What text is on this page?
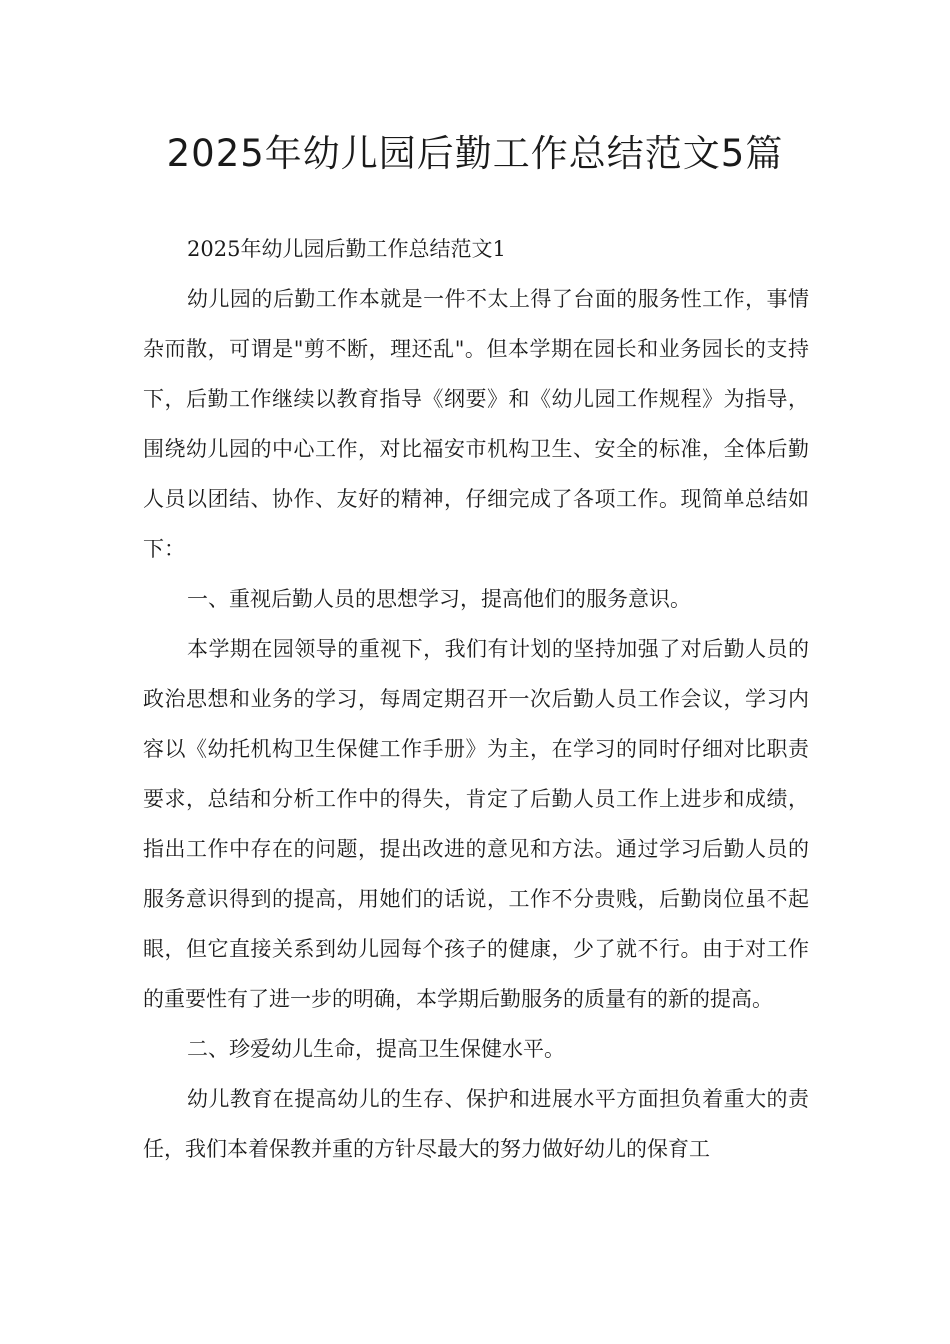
2025年幼儿园后勤工作总结范文5篇

2025年幼儿园后勤工作总结范文1

幼儿园的后勤工作本就是一件不太上得了台面的服务性工作，事情杂而散，可谓是"剪不断，理还乱"。但本学期在园长和业务园长的支持下，后勤工作继续以教育指导《纲要》和《幼儿园工作规程》为指导，围绕幼儿园的中心工作，对比福安市机构卫生、安全的标准，全体后勤人员以团结、协作、友好的精神，仔细完成了各项工作。现简单总结如下：

一、重视后勤人员的思想学习，提高他们的服务意识。

本学期在园领导的重视下，我们有计划的坚持加强了对后勤人员的政治思想和业务的学习，每周定期召开一次后勤人员工作会议，学习内容以《幼托机构卫生保健工作手册》为主，在学习的同时仔细对比职责要求，总结和分析工作中的得失，肯定了后勤人员工作上进步和成绩，指出工作中存在的问题，提出改进的意见和方法。通过学习后勤人员的服务意识得到的提高，用她们的话说，工作不分贵贱，后勤岗位虽不起眼，但它直接关系到幼儿园每个孩子的健康，少了就不行。由于对工作的重要性有了进一步的明确，本学期后勤服务的质量有的新的提高。

二、珍爱幼儿生命，提高卫生保健水平。

幼儿教育在提高幼儿的生存、保护和进展水平方面担负着重大的责任，我们本着保教并重的方针尽最大的努力做好幼儿的保育工
